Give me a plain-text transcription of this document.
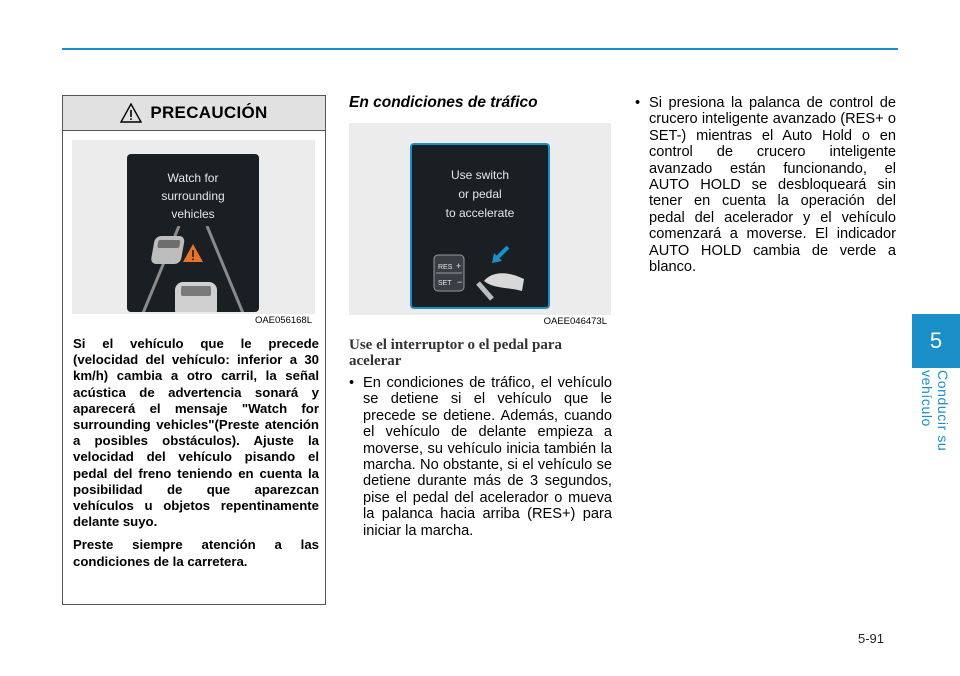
5
Conducir su vehículo
PRECAUCIÓN
Watch for
surrounding
vehicles
OAE056168L

Si el vehículo que le precede (velocidad del vehículo: inferior a 30 km/h) cambia a otro carril, la señal acústica de advertencia sonará y aparecerá el mensaje "Watch for surrounding vehicles"(Preste atención a posibles obstáculos). Ajuste la velocidad del vehículo pisando el pedal del freno teniendo en cuenta la posibilidad de que aparezcan vehículos u objetos repentinamente delante suyo.

Preste siempre atención a las condiciones de la carretera.

En condiciones de tráfico
Use switch
or pedal
to accelerate
RES +
SET −
OAEE046473L
Use el interruptor o el pedal para acelerar
• En condiciones de tráfico, el vehículo se detiene si el vehículo que le precede se detiene. Además, cuando el vehículo de delante empieza a moverse, su vehículo inicia también la marcha. No obstante, si el vehículo se detiene durante más de 3 segundos, pise el pedal del acelerador o mueva la palanca hacia arriba (RES+) para iniciar la marcha.
• Si presiona la palanca de control de crucero inteligente avanzado (RES+ o SET-) mientras el Auto Hold o en control de crucero inteligente avanzado están funcionando, el AUTO HOLD se desbloqueará sin tener en cuenta la operación del pedal del acelerador y el vehículo comenzará a moverse. El indicador AUTO HOLD cambia de verde a blanco.
5-91
